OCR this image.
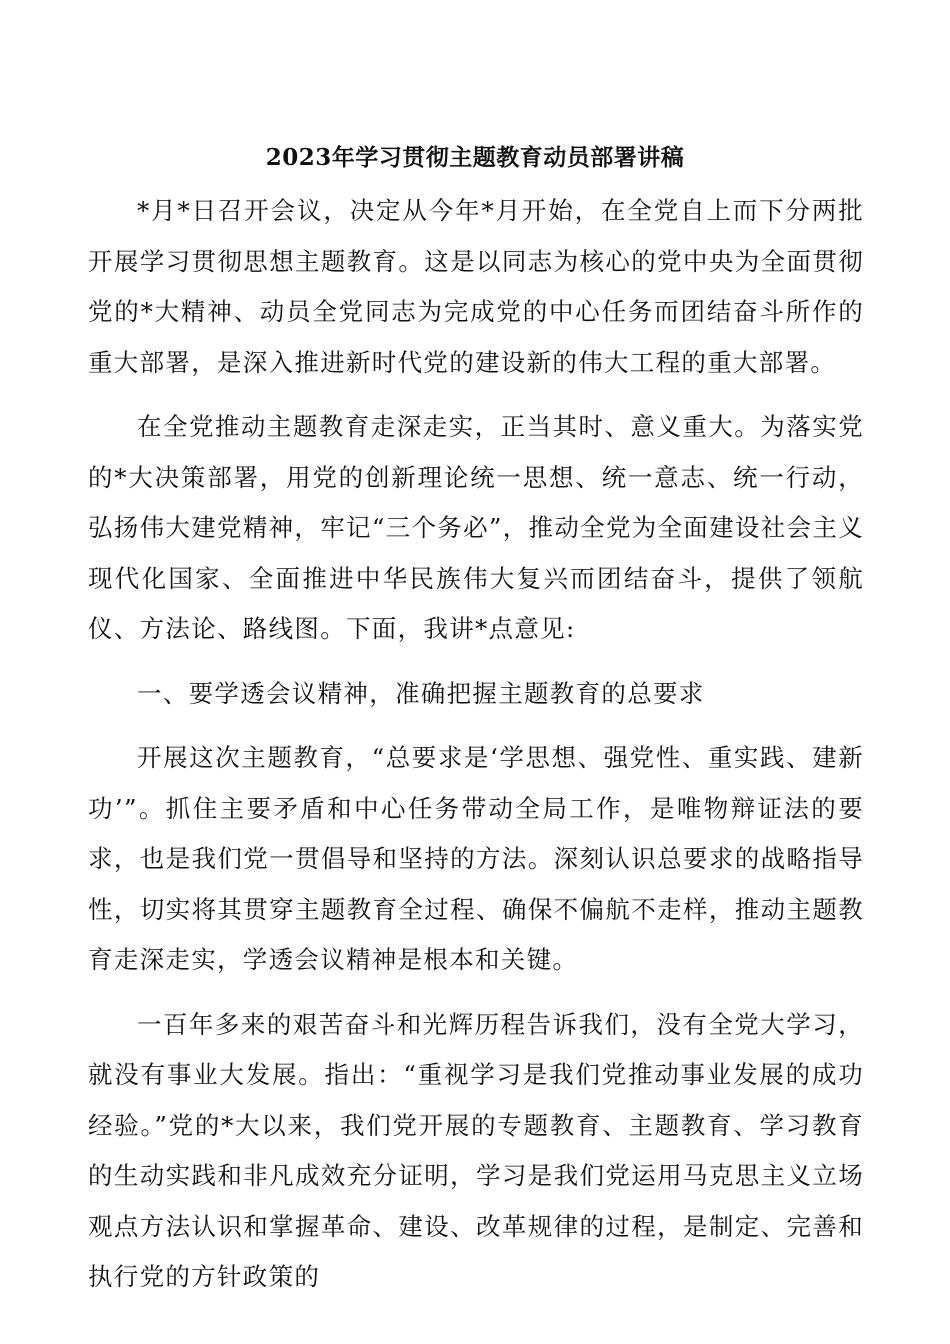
2023年学习贯彻主题教育动员部署讲稿

*月*日召开会议，决定从今年*月开始，在全党自上而下分两批开展学习贯彻思想主题教育。这是以同志为核心的党中央为全面贯彻党的*大精神、动员全党同志为完成党的中心任务而团结奋斗所作的重大部署，是深入推进新时代党的建设新的伟大工程的重大部署。

在全党推动主题教育走深走实，正当其时、意义重大。为落实党的*大决策部署，用党的创新理论统一思想、统一意志、统一行动，弘扬伟大建党精神，牢记“三个务必”，推动全党为全面建设社会主义现代化国家、全面推进中华民族伟大复兴而团结奋斗，提供了领航仪、方法论、路线图。下面，我讲*点意见:

一、要学透会议精神，准确把握主题教育的总要求

开展这次主题教育，“总要求是‘学思想、强党性、重实践、建新功’”。抓住主要矛盾和中心任务带动全局工作，是唯物辩证法的要求，也是我们党一贯倡导和坚持的方法。深刻认识总要求的战略指导性，切实将其贯穿主题教育全过程、确保不偏航不走样，推动主题教育走深走实，学透会议精神是根本和关键。

一百年多来的艰苦奋斗和光辉历程告诉我们，没有全党大学习，就没有事业大发展。指出：“重视学习是我们党推动事业发展的成功经验。”党的*大以来，我们党开展的专题教育、主题教育、学习教育的生动实践和非凡成效充分证明，学习是我们党运用马克思主义立场观点方法认识和掌握革命、建设、改革规律的过程，是制定、完善和执行党的方针政策的
